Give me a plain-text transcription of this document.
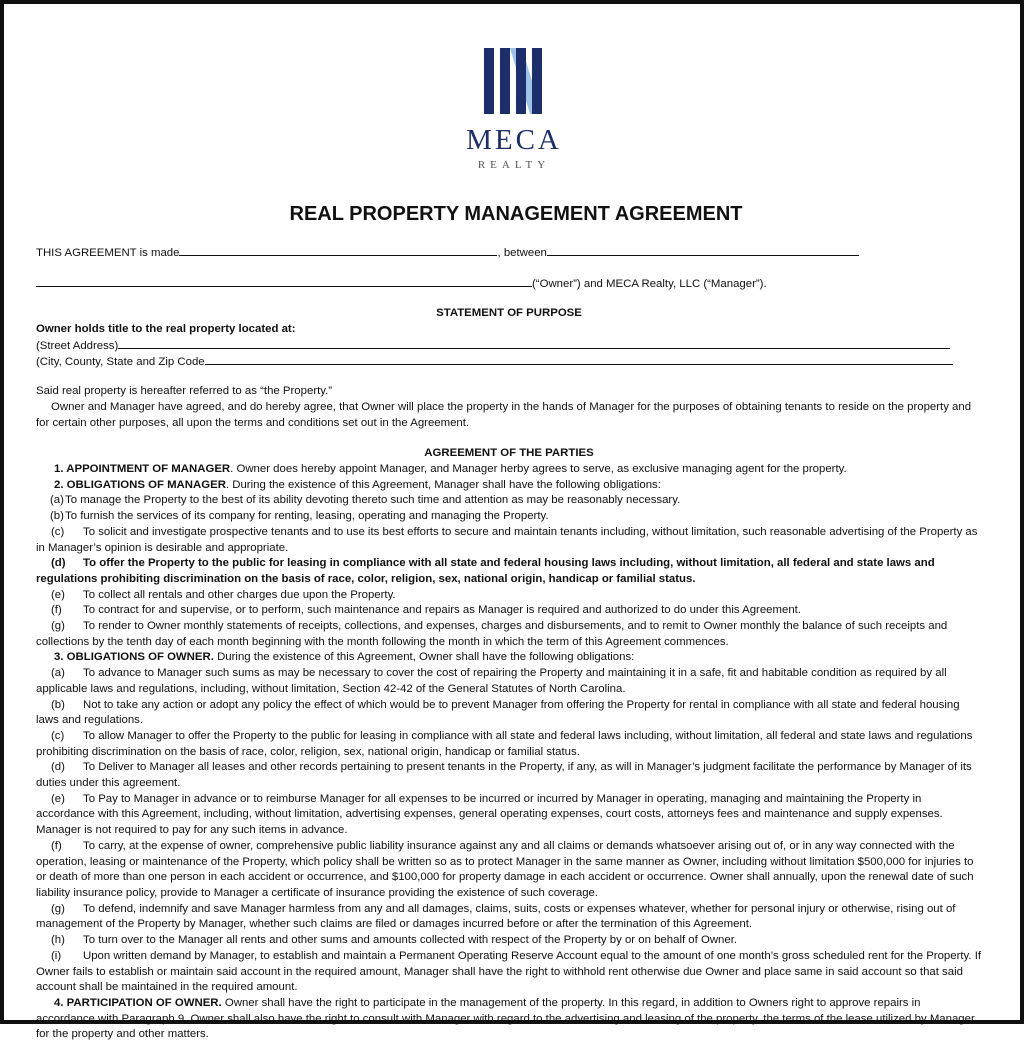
MECA
REALTY
REAL PROPERTY MANAGEMENT AGREEMENT
THIS AGREEMENT is made	, between
(“Owner”) and MECA Realty, LLC (“Manager”).
STATEMENT OF PURPOSE
Owner holds title to the real property located at:
(Street Address)
(City, County, State and Zip Code
Said real property is hereafter referred to as “the Property.”
Owner and Manager have agreed, and do hereby agree, that Owner will place the property in the hands of Manager for the purposes of obtaining tenants to reside on the property and for certain other purposes, all upon the terms and conditions set out in the Agreement.
AGREEMENT OF THE PARTIES

1. APPOINTMENT OF MANAGER. Owner does hereby appoint Manager, and Manager herby agrees to serve, as exclusive managing agent for the property.

2. OBLIGATIONS OF MANAGER. During the existence of this Agreement, Manager shall have the following obligations:

(a)To manage the Property to the best of its ability devoting thereto such time and attention as may be reasonably necessary.

(b)To furnish the services of its company for renting, leasing, operating and managing the Property.

(c) To solicit and investigate prospective tenants and to use its best efforts to secure and maintain tenants including, without limitation, such reasonable advertising of the Property as in Manager’s opinion is desirable and appropriate.

(d) To offer the Property to the public for leasing in compliance with all state and federal housing laws including, without limitation, all federal and state laws and regulations prohibiting discrimination on the basis of race, color, religion, sex, national origin, handicap or familial status.

(e) To collect all rentals and other charges due upon the Property.

(f) To contract for and supervise, or to perform, such maintenance and repairs as Manager is required and authorized to do under this Agreement.

(g) To render to Owner monthly statements of receipts, collections, and expenses, charges and disbursements, and to remit to Owner monthly the balance of such receipts and collections by the tenth day of each month beginning with the month following the month in which the term of this Agreement commences.

3. OBLIGATIONS OF OWNER. During the existence of this Agreement, Owner shall have the following obligations:

(a) To advance to Manager such sums as may be necessary to cover the cost of repairing the Property and maintaining it in a safe, fit and habitable condition as required by all applicable laws and regulations, including, without limitation, Section 42-42 of the General Statutes of North Carolina.

(b) Not to take any action or adopt any policy the effect of which would be to prevent Manager from offering the Property for rental in compliance with all state and federal housing laws and regulations.

(c) To allow Manager to offer the Property to the public for leasing in compliance with all state and federal laws including, without limitation, all federal and state laws and regulations prohibiting discrimination on the basis of race, color, religion, sex, national origin, handicap or familial status.

(d) To Deliver to Manager all leases and other records pertaining to present tenants in the Property, if any, as will in Manager’s judgment facilitate the performance by Manager of its duties under this agreement.

(e) To Pay to Manager in advance or to reimburse Manager for all expenses to be incurred or incurred by Manager in operating, managing and maintaining the Property in accordance with this Agreement, including, without limitation, advertising expenses, general operating expenses, court costs, attorneys fees and maintenance and supply expenses. Manager is not required to pay for any such items in advance.

(f) To carry, at the expense of owner, comprehensive public liability insurance against any and all claims or demands whatsoever arising out of, or in any way connected with the operation, leasing or maintenance of the Property, which policy shall be written so as to protect Manager in the same manner as Owner, including without limitation $500,000 for injuries to or death of more than one person in each accident or occurrence, and $100,000 for property damage in each accident or occurrence. Owner shall annually, upon the renewal date of such liability insurance policy, provide to Manager a certificate of insurance providing the existence of such coverage.

(g) To defend, indemnify and save Manager harmless from any and all damages, claims, suits, costs or expenses whatever, whether for personal injury or otherwise, rising out of management of the Property by Manager, whether such claims are filed or damages incurred before or after the termination of this Agreement.

(h) To turn over to the Manager all rents and other sums and amounts collected with respect of the Property by or on behalf of Owner.

(i) Upon written demand by Manager, to establish and maintain a Permanent Operating Reserve Account equal to the amount of one month’s gross scheduled rent for the Property. If Owner fails to establish or maintain said account in the required amount, Manager shall have the right to withhold rent otherwise due Owner and place same in said account so that said account shall be maintained in the required amount.

4. PARTICIPATION OF OWNER. Owner shall have the right to participate in the management of the property. In this regard, in addition to Owners right to approve repairs in accordance with Paragraph 9, Owner shall also have the right to consult with Manager with regard to the advertising and leasing of the property, the terms of the lease utilized by Manager for the property and other matters.
